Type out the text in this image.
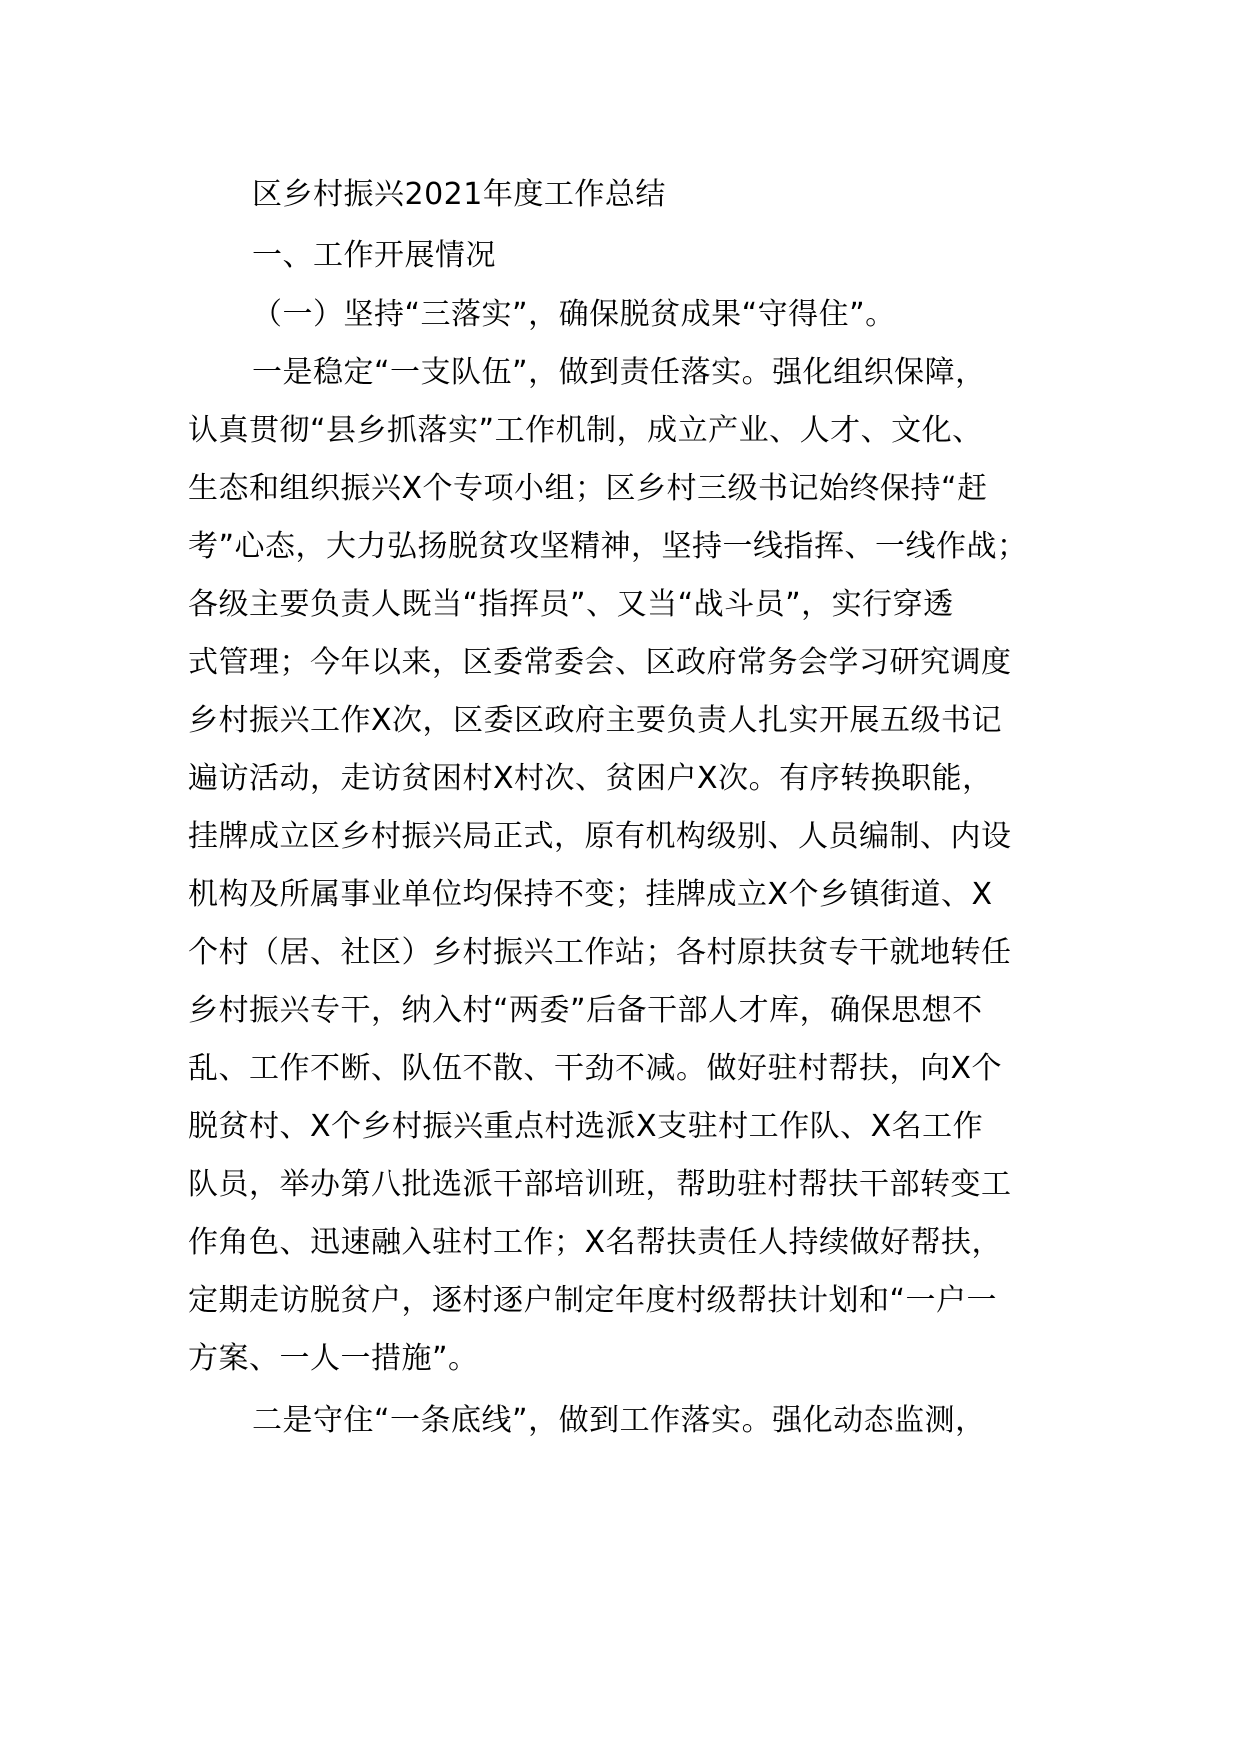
区乡村振兴2021年度工作总结
一、工作开展情况
（一）坚持“三落实”，确保脱贫成果“守得住”。
一是稳定“一支队伍”，做到责任落实。强化组织保障，
认真贯彻“县乡抓落实”工作机制，成立产业、人才、文化、
生态和组织振兴X个专项小组；区乡村三级书记始终保持“赶
考”心态，大力弘扬脱贫攻坚精神，坚持一线指挥、一线作战；
各级主要负责人既当“指挥员”、又当“战斗员”，实行穿透
式管理；今年以来，区委常委会、区政府常务会学习研究调度
乡村振兴工作X次，区委区政府主要负责人扎实开展五级书记
遍访活动，走访贫困村X村次、贫困户X次。有序转换职能，
挂牌成立区乡村振兴局正式，原有机构级别、人员编制、内设
机构及所属事业单位均保持不变；挂牌成立X个乡镇街道、X
个村（居、社区）乡村振兴工作站；各村原扶贫专干就地转任
乡村振兴专干，纳入村“两委”后备干部人才库，确保思想不
乱、工作不断、队伍不散、干劲不减。做好驻村帮扶，向X个
脱贫村、X个乡村振兴重点村选派X支驻村工作队、X名工作
队员，举办第八批选派干部培训班，帮助驻村帮扶干部转变工
作角色、迅速融入驻村工作；X名帮扶责任人持续做好帮扶，
定期走访脱贫户，逐村逐户制定年度村级帮扶计划和“一户一
方案、一人一措施”。
二是守住“一条底线”，做到工作落实。强化动态监测，
